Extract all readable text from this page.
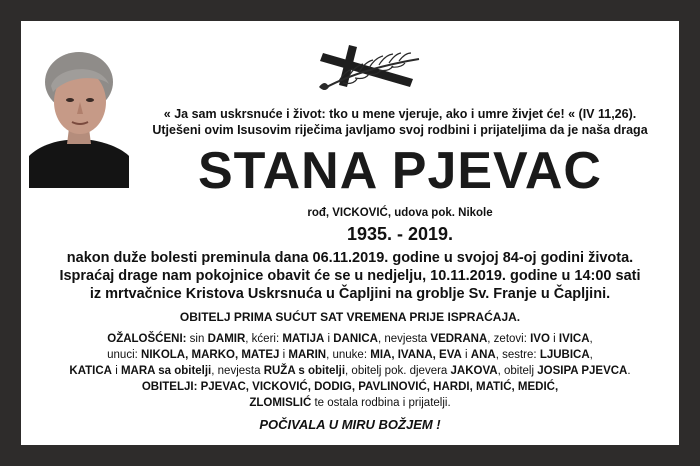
« Ja sam uskrsnuće i život: tko u mene vjeruje, ako i umre živjet će! « (IV 11,26).
Utješeni ovim Isusovim riječima javljamo svoj rodbini i prijateljima da je naša draga
STANA PJEVAC
rođ, VICKOVIĆ, udova pok. Nikole
1935. - 2019.
nakon duže bolesti preminula dana 06.11.2019. godine u svojoj 84-oj godini života.
Ispraćaj drage nam pokojnice obavit će se u nedjelju, 10.11.2019. godine u 14:00 sati
iz mrtvačnice Kristova Uskrsnuća u Čapljini na groblje Sv. Franje u Čapljini.
OBITELJ PRIMA SUĆUT SAT VREMENA PRIJE ISPRAĆAJA.
OŽALOŠĆENI: sin DAMIR, kćeri: MATIJA i DANICA, nevjesta VEDRANA, zetovi: IVO i IVICA,
unuci: NIKOLA, MARKO, MATEJ i MARIN, unuke: MIA, IVANA, EVA i ANA, sestre: LJUBICA,
KATICA i MARA sa obitelji, nevjesta RUŽA s obitelji, obitelj pok. djevera JAKOVA, obitelj JOSIPA PJEVCA.
OBITELJI: PJEVAC, VICKOVIĆ, DODIG, PAVLINOVIĆ, HARDI, MATIĆ, MEDIĆ,
ZLOMISLIĆ te ostala rodbina i prijatelji.
POČIVALA U MIRU BOŽJEM !
